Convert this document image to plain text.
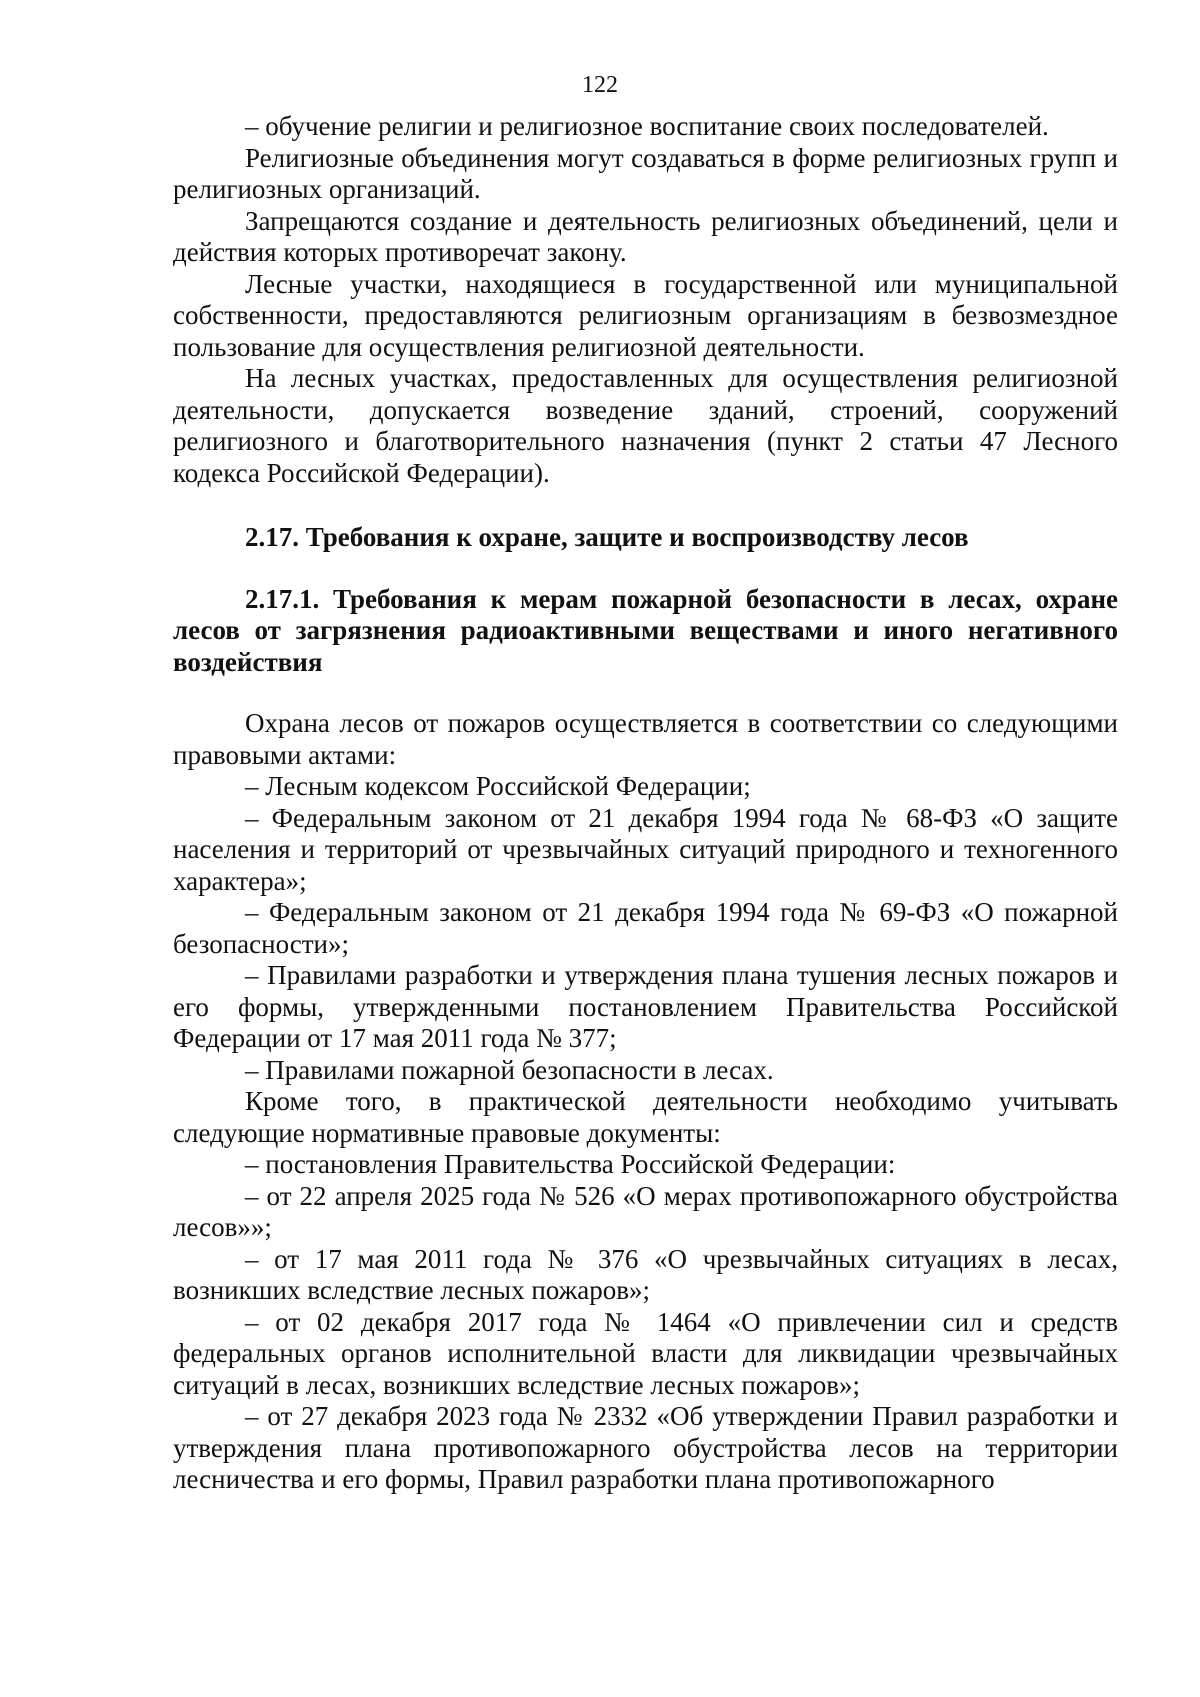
122

– обучение религии и религиозное воспитание своих последователей.

Религиозные объединения могут создаваться в форме религиозных групп и религиозных организаций.

Запрещаются создание и деятельность религиозных объединений, цели и действия которых противоречат закону.

Лесные участки, находящиеся в государственной или муниципальной собственности, предоставляются религиозным организациям в безвозмездное пользование для осуществления религиозной деятельности.

На лесных участках, предоставленных для осуществления религиозной деятельности, допускается возведение зданий, строений, сооружений религиозного и благотворительного назначения (пункт 2 статьи 47 Лесного кодекса Российской Федерации).

2.17. Требования к охране, защите и воспроизводству лесов

2.17.1. Требования к мерам пожарной безопасности в лесах, охране лесов от загрязнения радиоактивными веществами и иного негативного воздействия

Охрана лесов от пожаров осуществляется в соответствии со следующими правовыми актами:

– Лесным кодексом Российской Федерации;

– Федеральным законом от 21 декабря 1994 года № 68-ФЗ «О защите населения и территорий от чрезвычайных ситуаций природного и техногенного характера»;

– Федеральным законом от 21 декабря 1994 года № 69-ФЗ «О пожарной безопасности»;

– Правилами разработки и утверждения плана тушения лесных пожаров и его формы, утвержденными постановлением Правительства Российской Федерации от 17 мая 2011 года № 377;

– Правилами пожарной безопасности в лесах.

Кроме того, в практической деятельности необходимо учитывать следующие нормативные правовые документы:

– постановления Правительства Российской Федерации:

– от 22 апреля 2025 года № 526 «О мерах противопожарного обустройства лесов»»;

– от 17 мая 2011 года № 376 «О чрезвычайных ситуациях в лесах, возникших вследствие лесных пожаров»;

– от 02 декабря 2017 года № 1464 «О привлечении сил и средств федеральных органов исполнительной власти для ликвидации чрезвычайных ситуаций в лесах, возникших вследствие лесных пожаров»;

– от 27 декабря 2023 года № 2332 «Об утверждении Правил разработки и утверждения плана противопожарного обустройства лесов на территории лесничества и его формы, Правил разработки плана противопожарного
